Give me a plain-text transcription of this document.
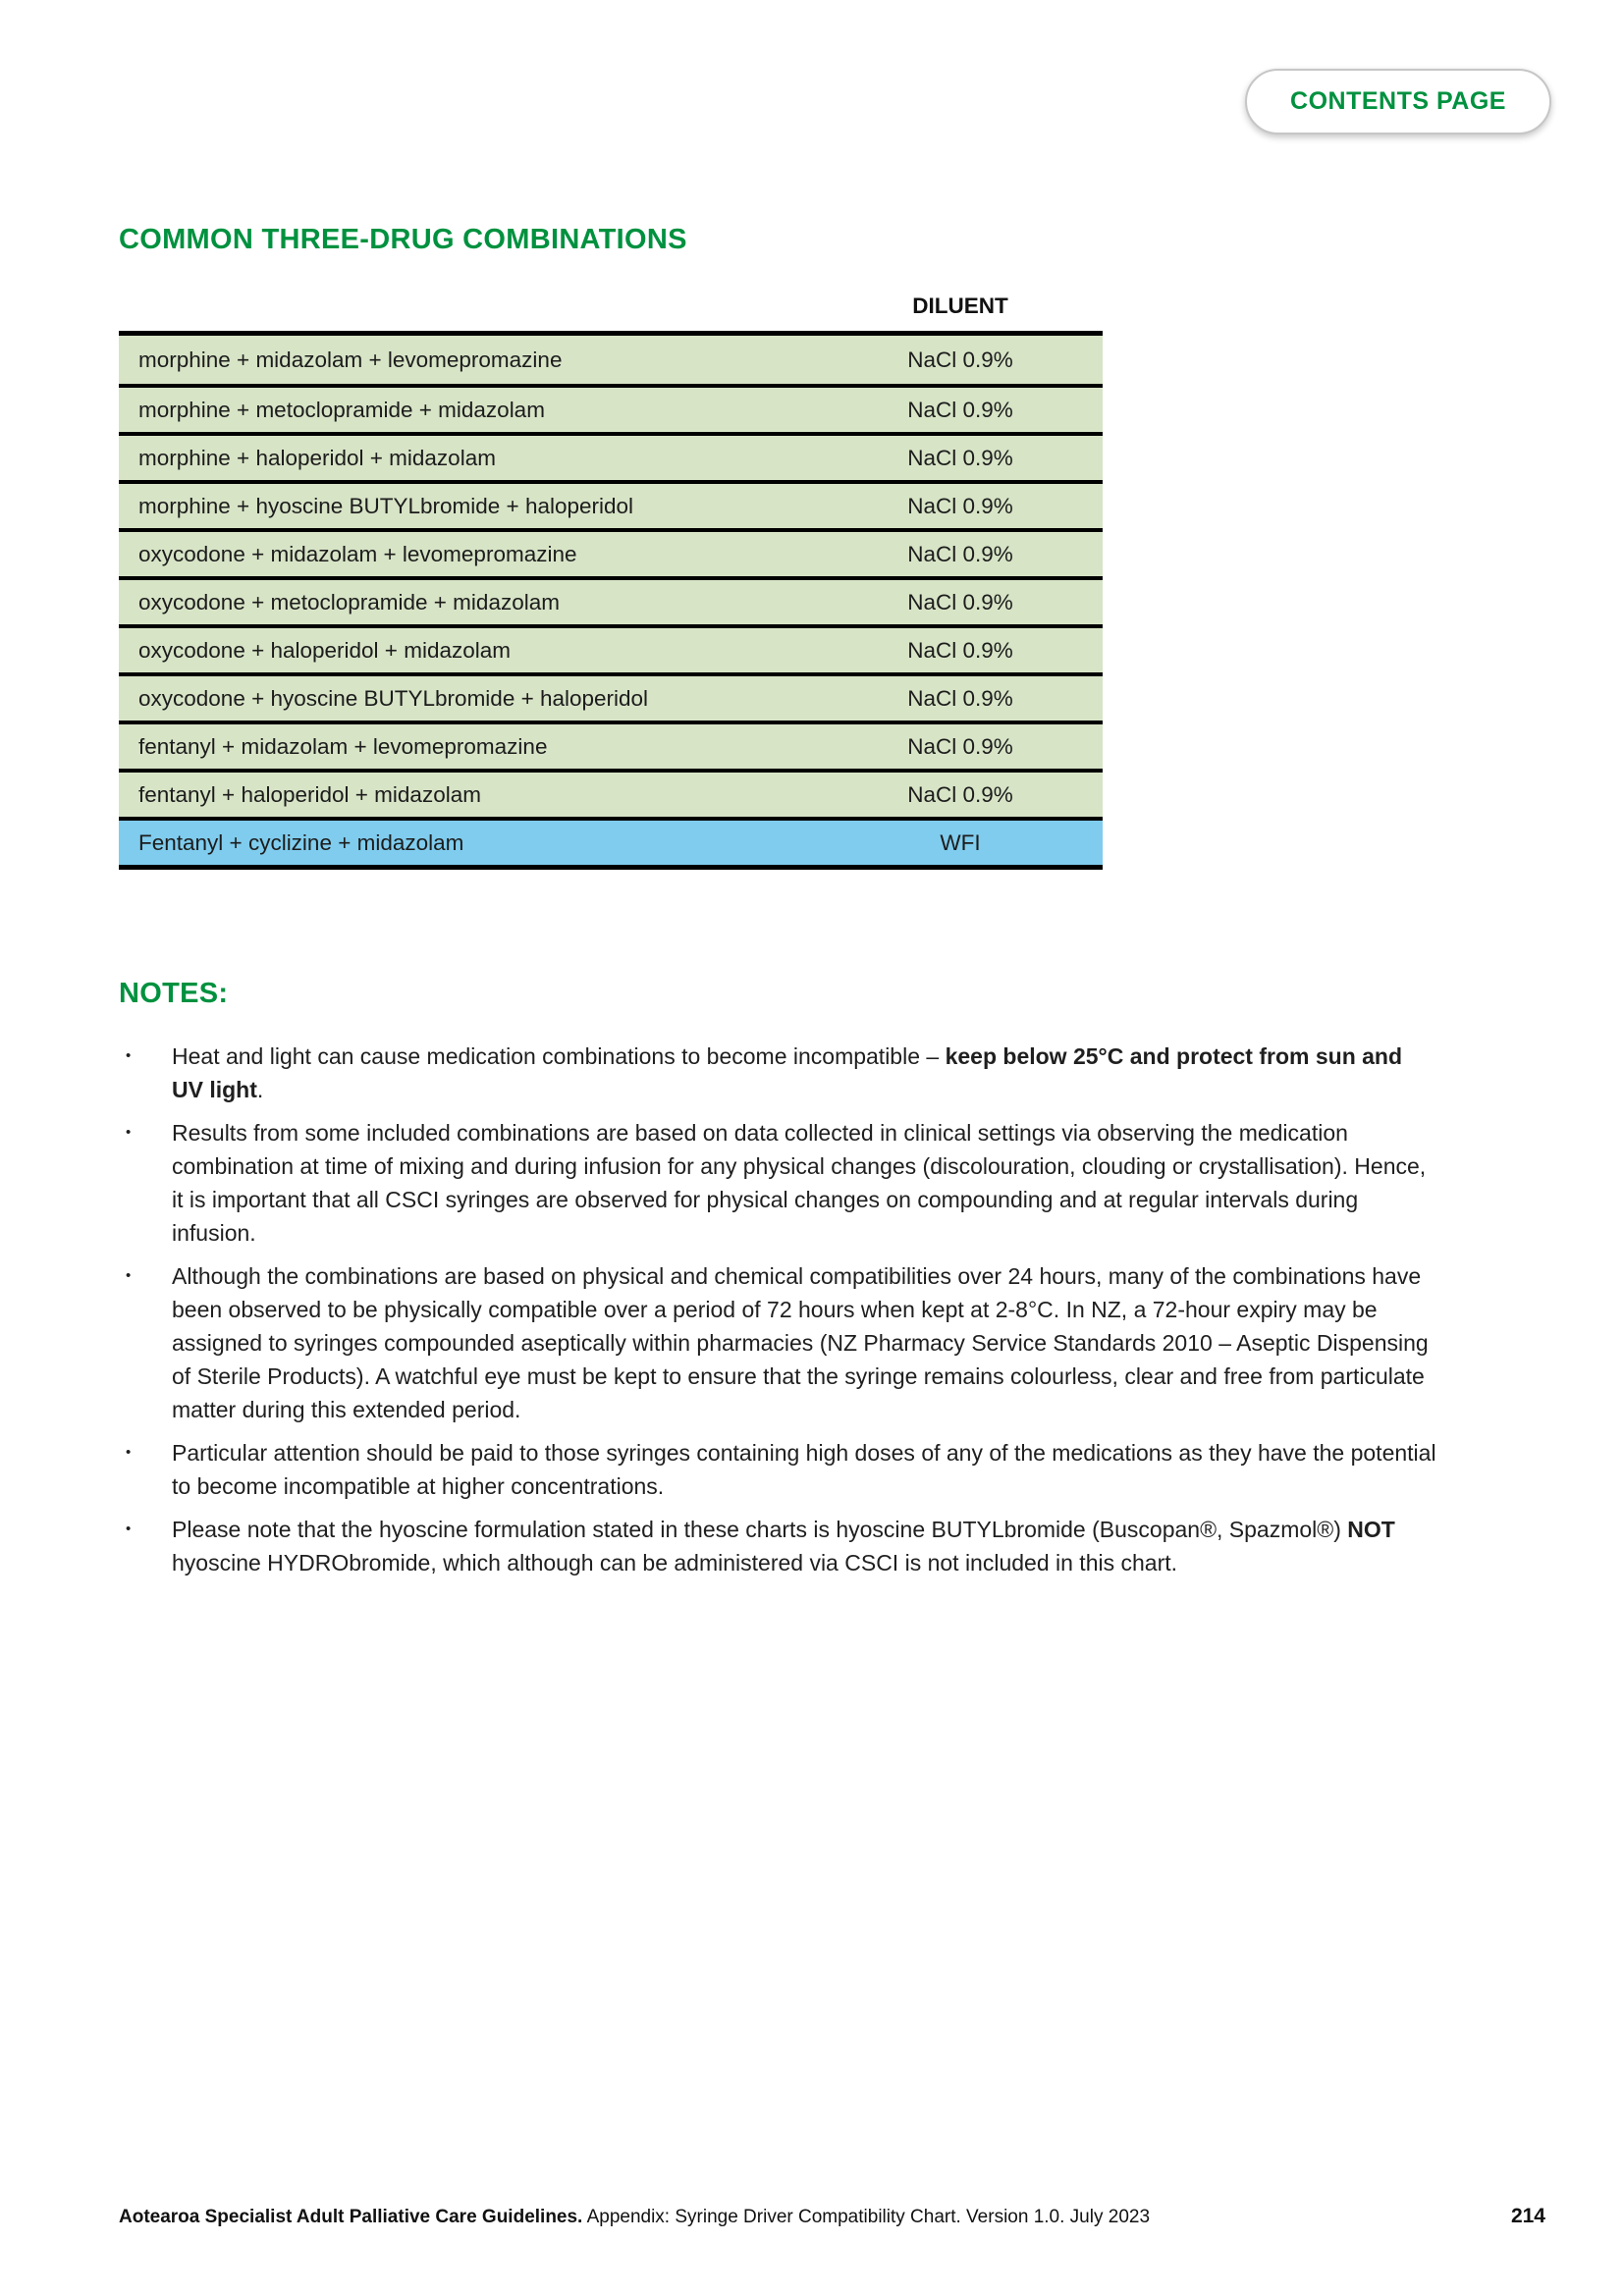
CONTENTS PAGE
COMMON THREE-DRUG COMBINATIONS
DILUENT
morphine + midazolam + levomepromazine	NaCl 0.9%
morphine + metoclopramide + midazolam	NaCl 0.9%
morphine + haloperidol + midazolam	NaCl 0.9%
morphine + hyoscine BUTYLbromide + haloperidol	NaCl 0.9%
oxycodone + midazolam + levomepromazine	NaCl 0.9%
oxycodone + metoclopramide + midazolam	NaCl 0.9%
oxycodone + haloperidol + midazolam	NaCl 0.9%
oxycodone + hyoscine BUTYLbromide + haloperidol	NaCl 0.9%
fentanyl + midazolam + levomepromazine	NaCl 0.9%
fentanyl + haloperidol + midazolam	NaCl 0.9%
Fentanyl + cyclizine + midazolam	WFI
NOTES:
•	Heat and light can cause medication combinations to become incompatible – keep below 25°C and protect from sun and UV light.
•	Results from some included combinations are based on data collected in clinical settings via observing the medication combination at time of mixing and during infusion for any physical changes (discolouration, clouding or crystallisation). Hence, it is important that all CSCI syringes are observed for physical changes on compounding and at regular intervals during infusion.
•	Although the combinations are based on physical and chemical compatibilities over 24 hours, many of the combinations have been observed to be physically compatible over a period of 72 hours when kept at 2-8°C. In NZ, a 72-hour expiry may be assigned to syringes compounded aseptically within pharmacies (NZ Pharmacy Service Standards 2010 – Aseptic Dispensing of Sterile Products). A watchful eye must be kept to ensure that the syringe remains colourless, clear and free from particulate matter during this extended period.
•	Particular attention should be paid to those syringes containing high doses of any of the medications as they have the potential to become incompatible at higher concentrations.
•	Please note that the hyoscine formulation stated in these charts is hyoscine BUTYLbromide (Buscopan®, Spazmol®) NOT hyoscine HYDRObromide, which although can be administered via CSCI is not included in this chart.
Aotearoa Specialist Adult Palliative Care Guidelines. Appendix: Syringe Driver Compatibility Chart. Version 1.0. July 2023	214
